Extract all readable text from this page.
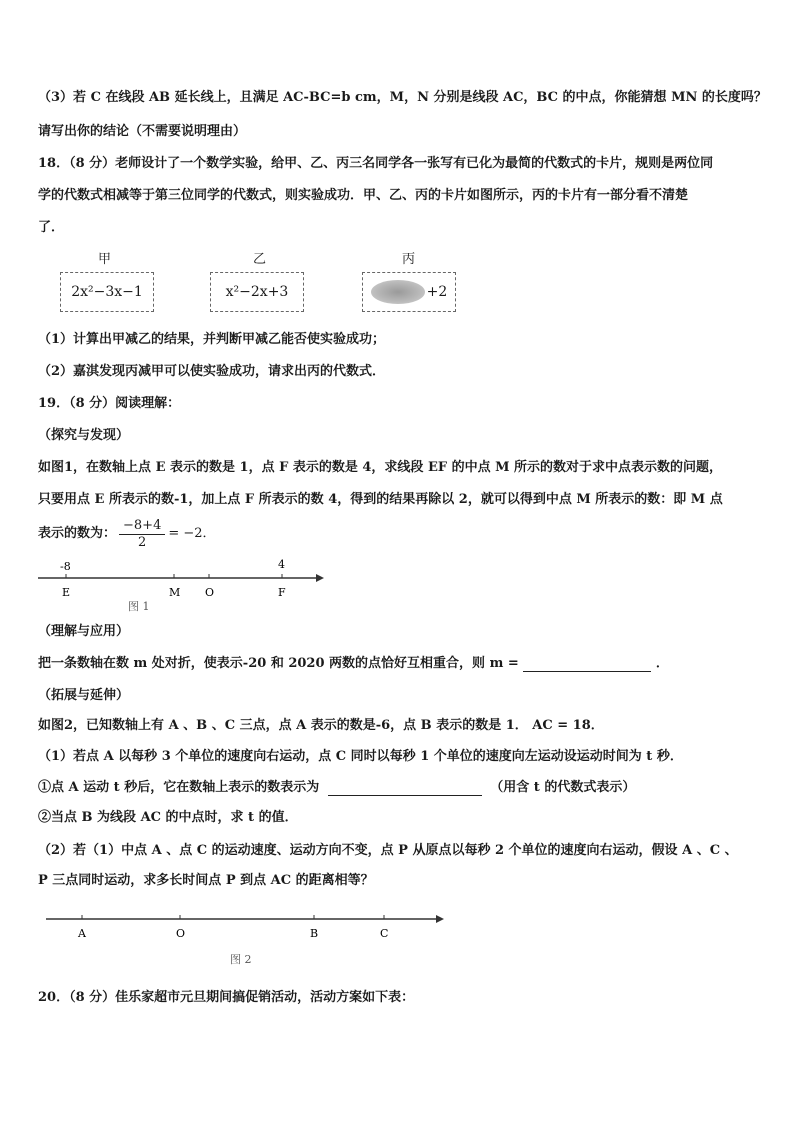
（3）若 C 在线段 AB 延长线上，且满足 AC-BC=b cm，M，N 分别是线段 AC，BC 的中点，你能猜想 MN 的长度吗？
请写出你的结论（不需要说明理由）
18．（8 分）老师设计了一个数学实验，给甲、乙、丙三名同学各一张写有已化为最简的代数式的卡片，规则是两位同
学的代数式相减等于第三位同学的代数式，则实验成功．甲、乙、丙的卡片如图所示，丙的卡片有一部分看不清楚
了．
甲	乙	丙
2x²−3x−1	x²−2x+3	+2
（1）计算出甲减乙的结果，并判断甲减乙能否使实验成功；
（2）嘉淇发现丙减甲可以使实验成功，请求出丙的代数式．
19．（8 分）阅读理解：
（探究与发现）
如图1，在数轴上点 E 表示的数是 1，点 F 表示的数是 4，求线段 EF 的中点 M 所示的数对于求中点表示数的问题，
只要用点 E 所表示的数-1，加上点 F 所表示的数 4，得到的结果再除以 2，就可以得到中点 M 所表示的数：即 M 点
表示的数为： $\frac{-8+4}{2} = -2$．
-8	4
E	M O	F
图 1
（理解与应用）
把一条数轴在数 m 处对折，使表示-20 和 2020 两数的点恰好互相重合，则 m =	．
（拓展与延伸）
如图2，已知数轴上有 A 、B 、C 三点，点 A 表示的数是-6，点 B 表示的数是 1． AC = 18．
（1）若点 A 以每秒 3 个单位的速度向右运动，点 C 同时以每秒 1 个单位的速度向左运动设运动时间为 t 秒．
①点 A 运动 t 秒后，它在数轴上表示的数表示为	（用含 t 的代数式表示）
②当点 B 为线段 AC 的中点时，求 t 的值．
（2）若（1）中点 A 、点 C 的运动速度、运动方向不变，点 P 从原点以每秒 2 个单位的速度向右运动，假设 A 、C 、
P 三点同时运动，求多长时间点 P 到点 AC 的距离相等？
A	O	B	C
图 2
20．（8 分）佳乐家超市元旦期间搞促销活动，活动方案如下表：
